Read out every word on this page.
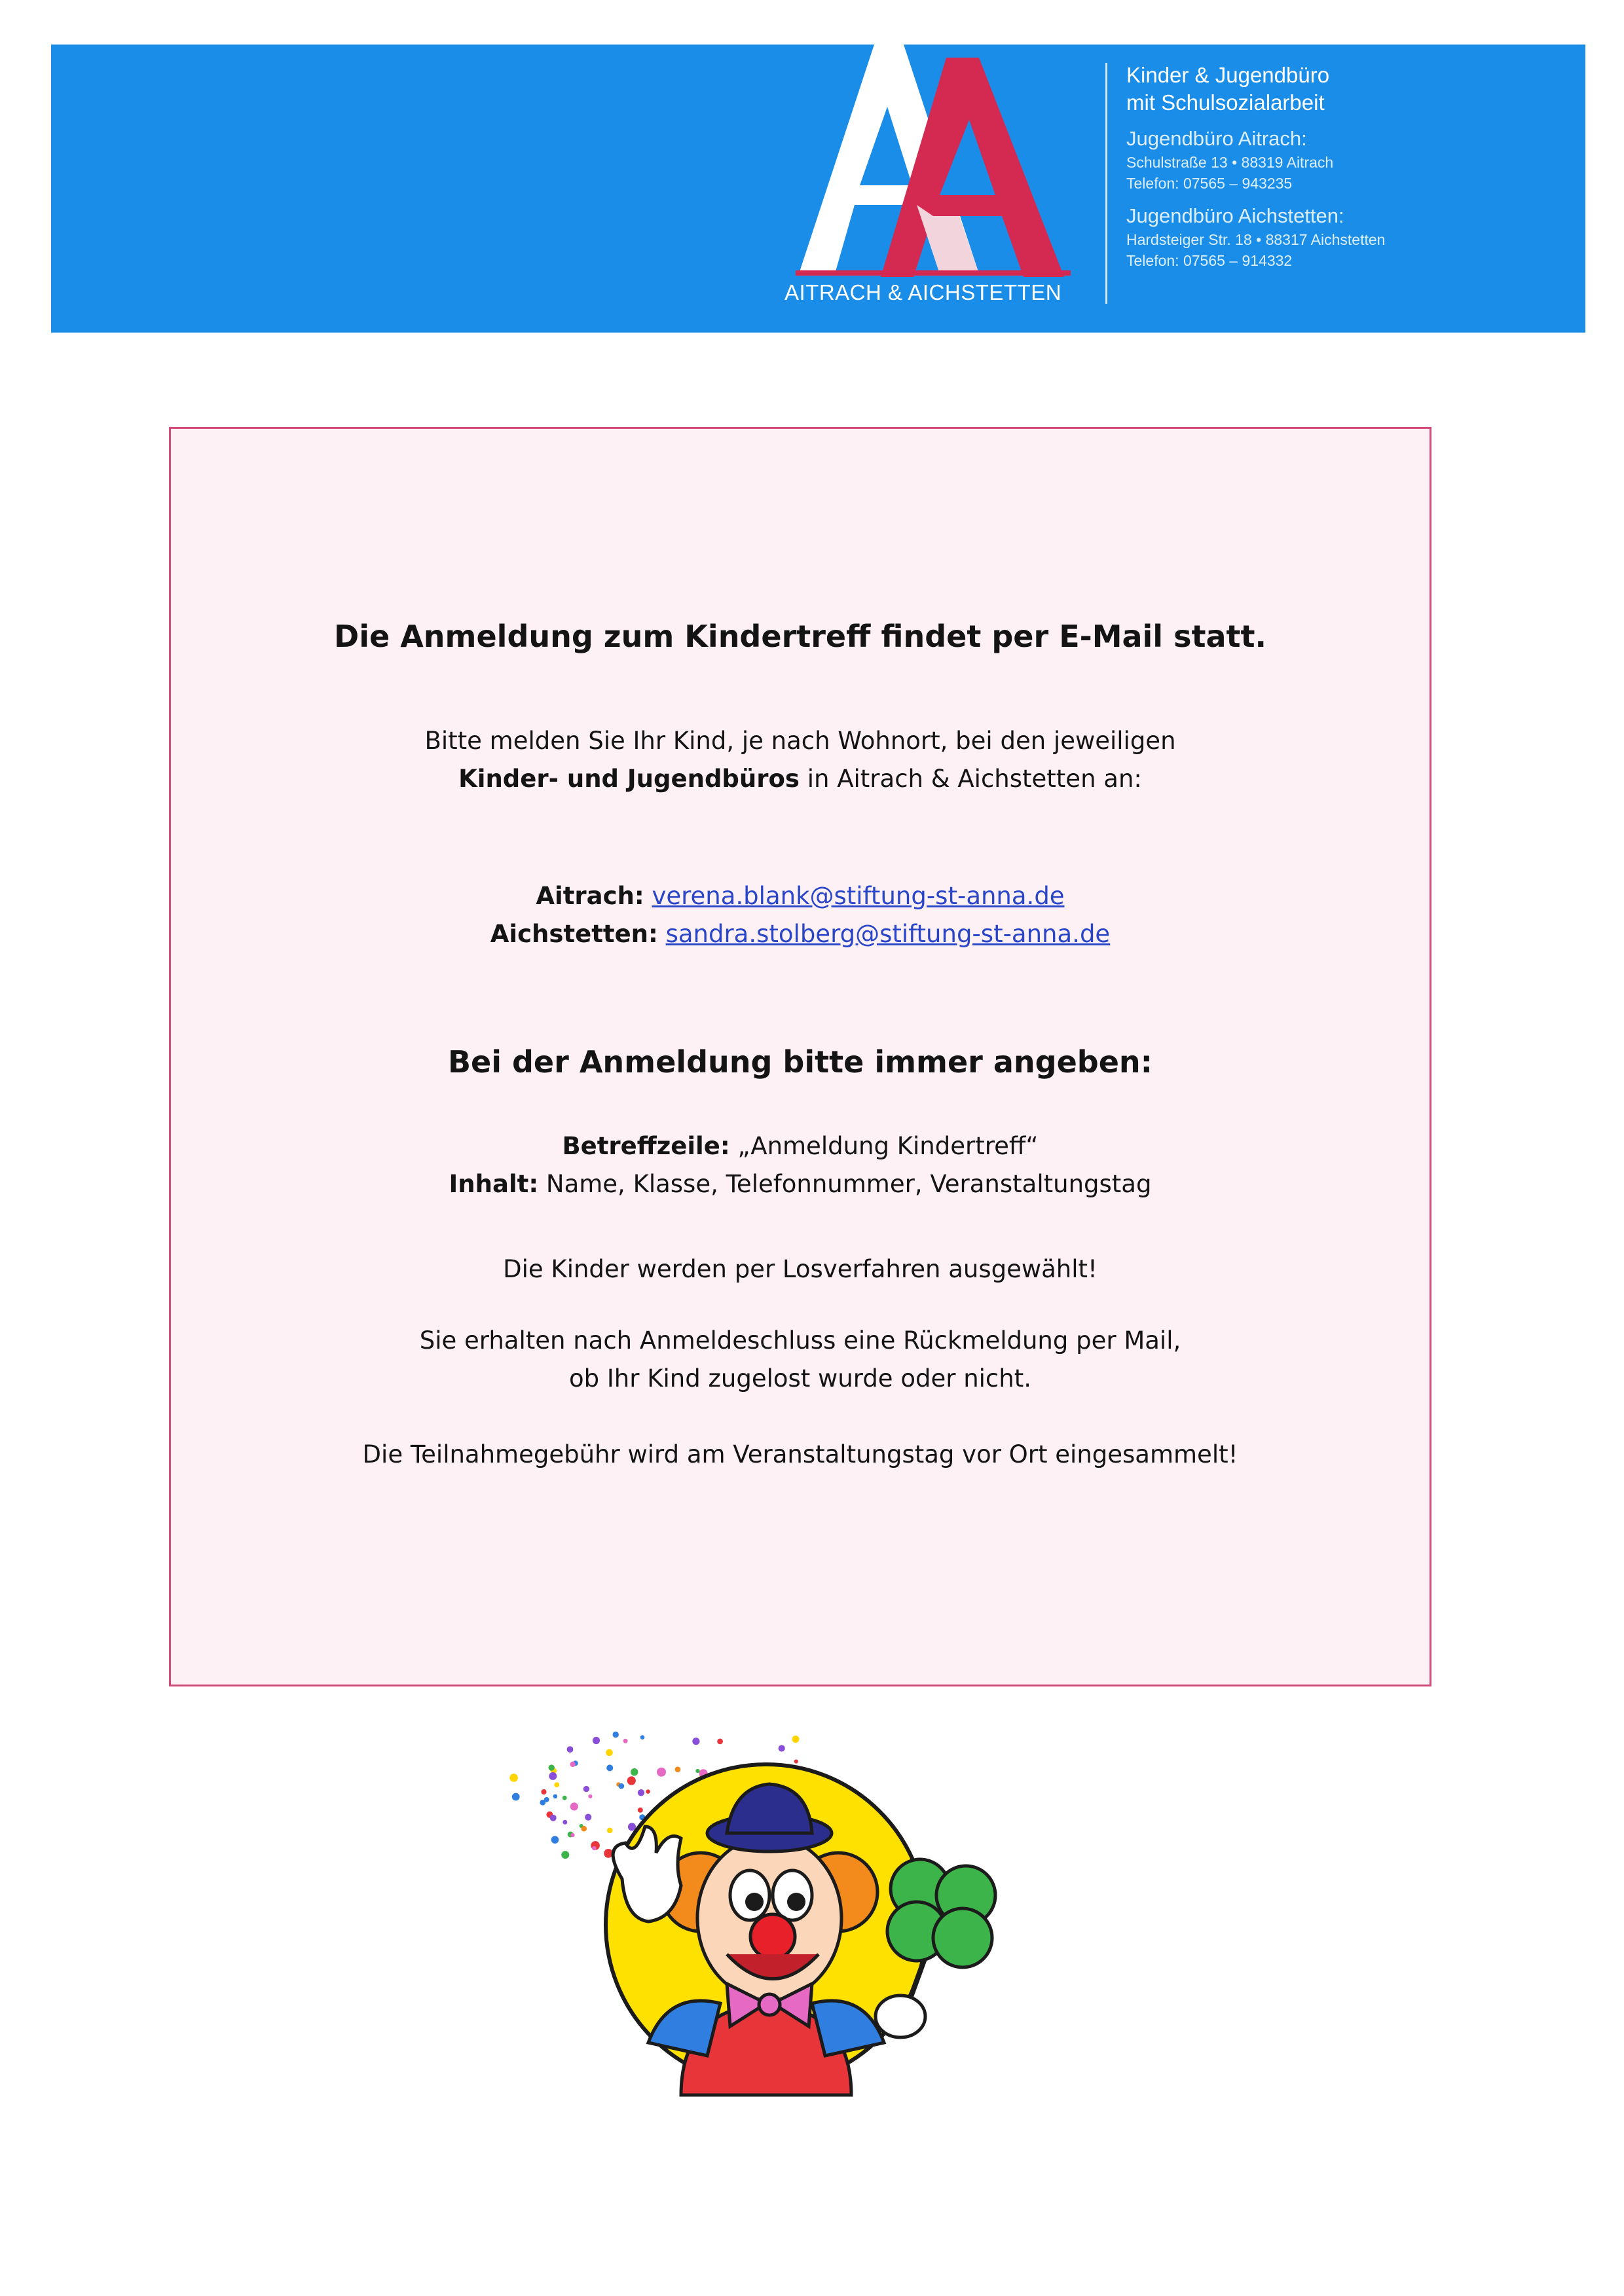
AITRACH & AICHSTETTEN
Kinder & Jugendbüro
mit Schulsozialarbeit
Jugendbüro Aitrach:
Schulstraße 13 • 88319 Aitrach
Telefon: 07565 – 943235
Jugendbüro Aichstetten:
Hardsteiger Str. 18 • 88317 Aichstetten
Telefon: 07565 – 914332
Die Anmeldung zum Kindertreff findet per E-Mail statt.
Bitte melden Sie Ihr Kind, je nach Wohnort, bei den jeweiligen
Kinder- und Jugendbüros in Aitrach & Aichstetten an:
Aitrach: verena.blank@stiftung-st-anna.de
Aichstetten: sandra.stolberg@stiftung-st-anna.de
Bei der Anmeldung bitte immer angeben:
Betreffzeile: „Anmeldung Kindertreff“
Inhalt: Name, Klasse, Telefonnummer, Veranstaltungstag
Die Kinder werden per Losverfahren ausgewählt!
Sie erhalten nach Anmeldeschluss eine Rückmeldung per Mail,
ob Ihr Kind zugelost wurde oder nicht.
Die Teilnahmegebühr wird am Veranstaltungstag vor Ort eingesammelt!
